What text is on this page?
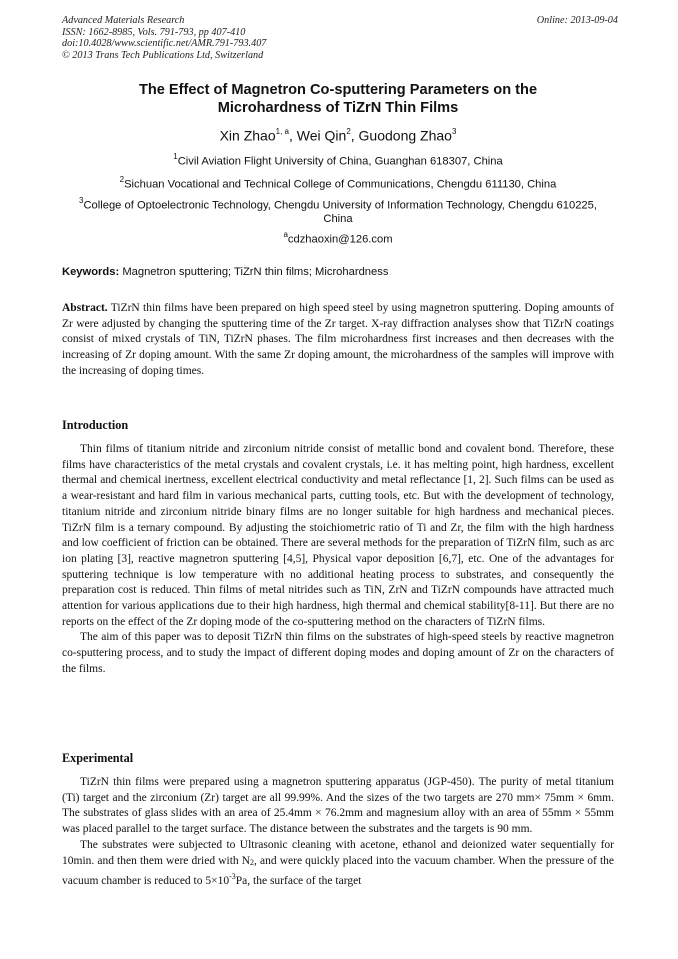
Advanced Materials Research
ISSN: 1662-8985, Vols. 791-793, pp 407-410
doi:10.4028/www.scientific.net/AMR.791-793.407
© 2013 Trans Tech Publications Ltd, Switzerland
Online: 2013-09-04
The Effect of Magnetron Co-sputtering Parameters on the
Microhardness of TiZrN Thin Films
Xin Zhao$^{1, a}$, Wei Qin$^2$, Guodong Zhao$^3$
$^1$Civil Aviation Flight University of China, Guanghan 618307, China
$^2$Sichuan Vocational and Technical College of Communications, Chengdu 611130, China
$^3$College of Optoelectronic Technology, Chengdu University of Information Technology, Chengdu 610225, China
$^a$cdzhaoxin@126.com
Keywords: Magnetron sputtering; TiZrN thin films; Microhardness

Abstract. TiZrN thin films have been prepared on high speed steel by using magnetron sputtering. Doping amounts of Zr were adjusted by changing the sputtering time of the Zr target. X-ray diffraction analyses show that TiZrN coatings consist of mixed crystals of TiN, TiZrN phases. The film microhardness first increases and then decreases with the increasing of Zr doping amount. With the same Zr doping amount, the microhardness of the samples will improve with the increasing of doping times.

Introduction

Thin films of titanium nitride and zirconium nitride consist of metallic bond and covalent bond. Therefore, these films have characteristics of the metal crystals and covalent crystals, i.e. it has melting point, high hardness, excellent thermal and chemical inertness, excellent electrical conductivity and metal reflectance [1, 2]. Such films can be used as a wear-resistant and hard film in various mechanical parts, cutting tools, etc. But with the development of technology, titanium nitride and zirconium nitride binary films are no longer suitable for high hardness and mechanical pieces. TiZrN film is a ternary compound. By adjusting the stoichiometric ratio of Ti and Zr, the film with the high hardness and low coefficient of friction can be obtained. There are several methods for the preparation of TiZrN film, such as arc ion plating [3], reactive magnetron sputtering [4,5], Physical vapor deposition [6,7], etc. One of the advantages for sputtering technique is low temperature with no additional heating process to substrates, and consequently the preparation cost is reduced. Thin films of metal nitrides such as TiN, ZrN and TiZrN compounds have attracted much attention for various applications due to their high hardness, high thermal and chemical stability[8-11]. But there are no reports on the effect of the Zr doping mode of the co-sputtering method on the characters of TiZrN films.

The aim of this paper was to deposit TiZrN thin films on the substrates of high-speed steels by reactive magnetron co-sputtering process, and to study the impact of different doping modes and doping amount of Zr on the characters of the films.

Experimental

TiZrN thin films were prepared using a magnetron sputtering apparatus (JGP-450). The purity of metal titanium (Ti) target and the zirconium (Zr) target are all 99.99%. And the sizes of the two targets are 270 mm× 75mm × 6mm. The substrates of glass slides with an area of 25.4mm × 76.2mm and magnesium alloy with an area of 55mm × 55mm was placed parallel to the target surface. The distance between the substrates and the targets is 90 mm.

The substrates were subjected to Ultrasonic cleaning with acetone, ethanol and deionized water sequentially for 10min. and then them were dried with $N_2$, and were quickly placed into the vacuum chamber. When the pressure of the vacuum chamber is reduced to $5\times 10^{-3}Pa$, the surface of the target
